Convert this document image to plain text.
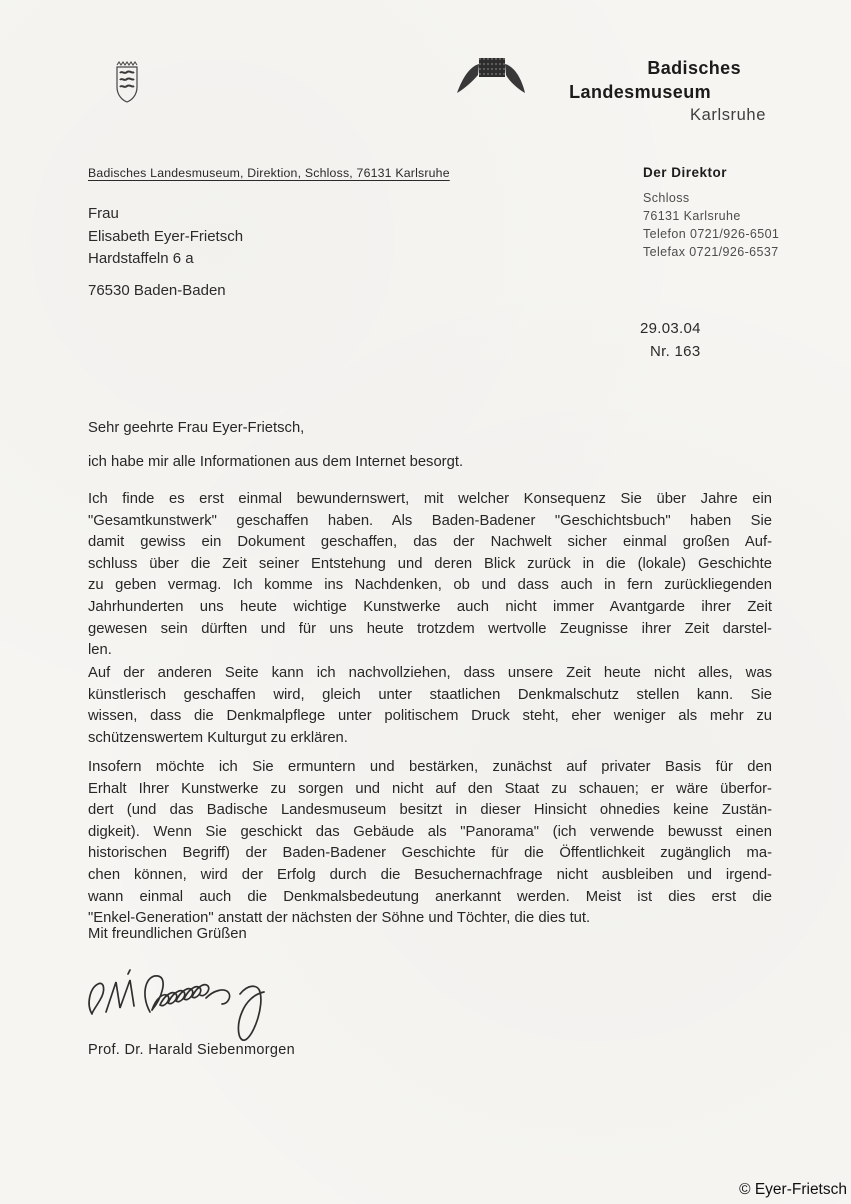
Badisches
Landesmuseum
Karlsruhe
Badisches Landesmuseum, Direktion, Schloss, 76131 Karlsruhe
Frau
Elisabeth Eyer-Frietsch
Hardstaffeln 6 a
76530 Baden-Baden
Der Direktor
Schloss
76131 Karlsruhe
Telefon 0721/926-6501
Telefax 0721/926-6537
29.03.04
Nr. 163
Sehr geehrte Frau Eyer-Frietsch,
ich habe mir alle Informationen aus dem Internet besorgt.
Ich finde es erst einmal bewundernswert, mit welcher Konsequenz Sie über Jahre ein
"Gesamtkunstwerk" geschaffen haben. Als Baden-Badener "Geschichtsbuch" haben Sie
damit gewiss ein Dokument geschaffen, das der Nachwelt sicher einmal großen Auf-
schluss über die Zeit seiner Entstehung und deren Blick zurück in die (lokale) Geschichte
zu geben vermag. Ich komme ins Nachdenken, ob und dass auch in fern zurückliegenden
Jahrhunderten uns heute wichtige Kunstwerke auch nicht immer Avantgarde ihrer Zeit
gewesen sein dürften und für uns heute trotzdem wertvolle Zeugnisse ihrer Zeit darstel-
len.
Auf der anderen Seite kann ich nachvollziehen, dass unsere Zeit heute nicht alles, was
künstlerisch geschaffen wird, gleich unter staatlichen Denkmalschutz stellen kann. Sie
wissen, dass die Denkmalpflege unter politischem Druck steht, eher weniger als mehr zu
schützenswertem Kulturgut zu erklären.
Insofern möchte ich Sie ermuntern und bestärken, zunächst auf privater Basis für den
Erhalt Ihrer Kunstwerke zu sorgen und nicht auf den Staat zu schauen; er wäre überfor-
dert (und das Badische Landesmuseum besitzt in dieser Hinsicht ohnedies keine Zustän-
digkeit). Wenn Sie geschickt das Gebäude als "Panorama" (ich verwende bewusst einen
historischen Begriff) der Baden-Badener Geschichte für die Öffentlichkeit zugänglich ma-
chen können, wird der Erfolg durch die Besuchernachfrage nicht ausbleiben und irgend-
wann einmal auch die Denkmalsbedeutung anerkannt werden. Meist ist dies erst die
"Enkel-Generation" anstatt der nächsten der Söhne und Töchter, die dies tut.
Mit freundlichen Grüßen
Prof. Dr. Harald Siebenmorgen
© Eyer-Frietsch
